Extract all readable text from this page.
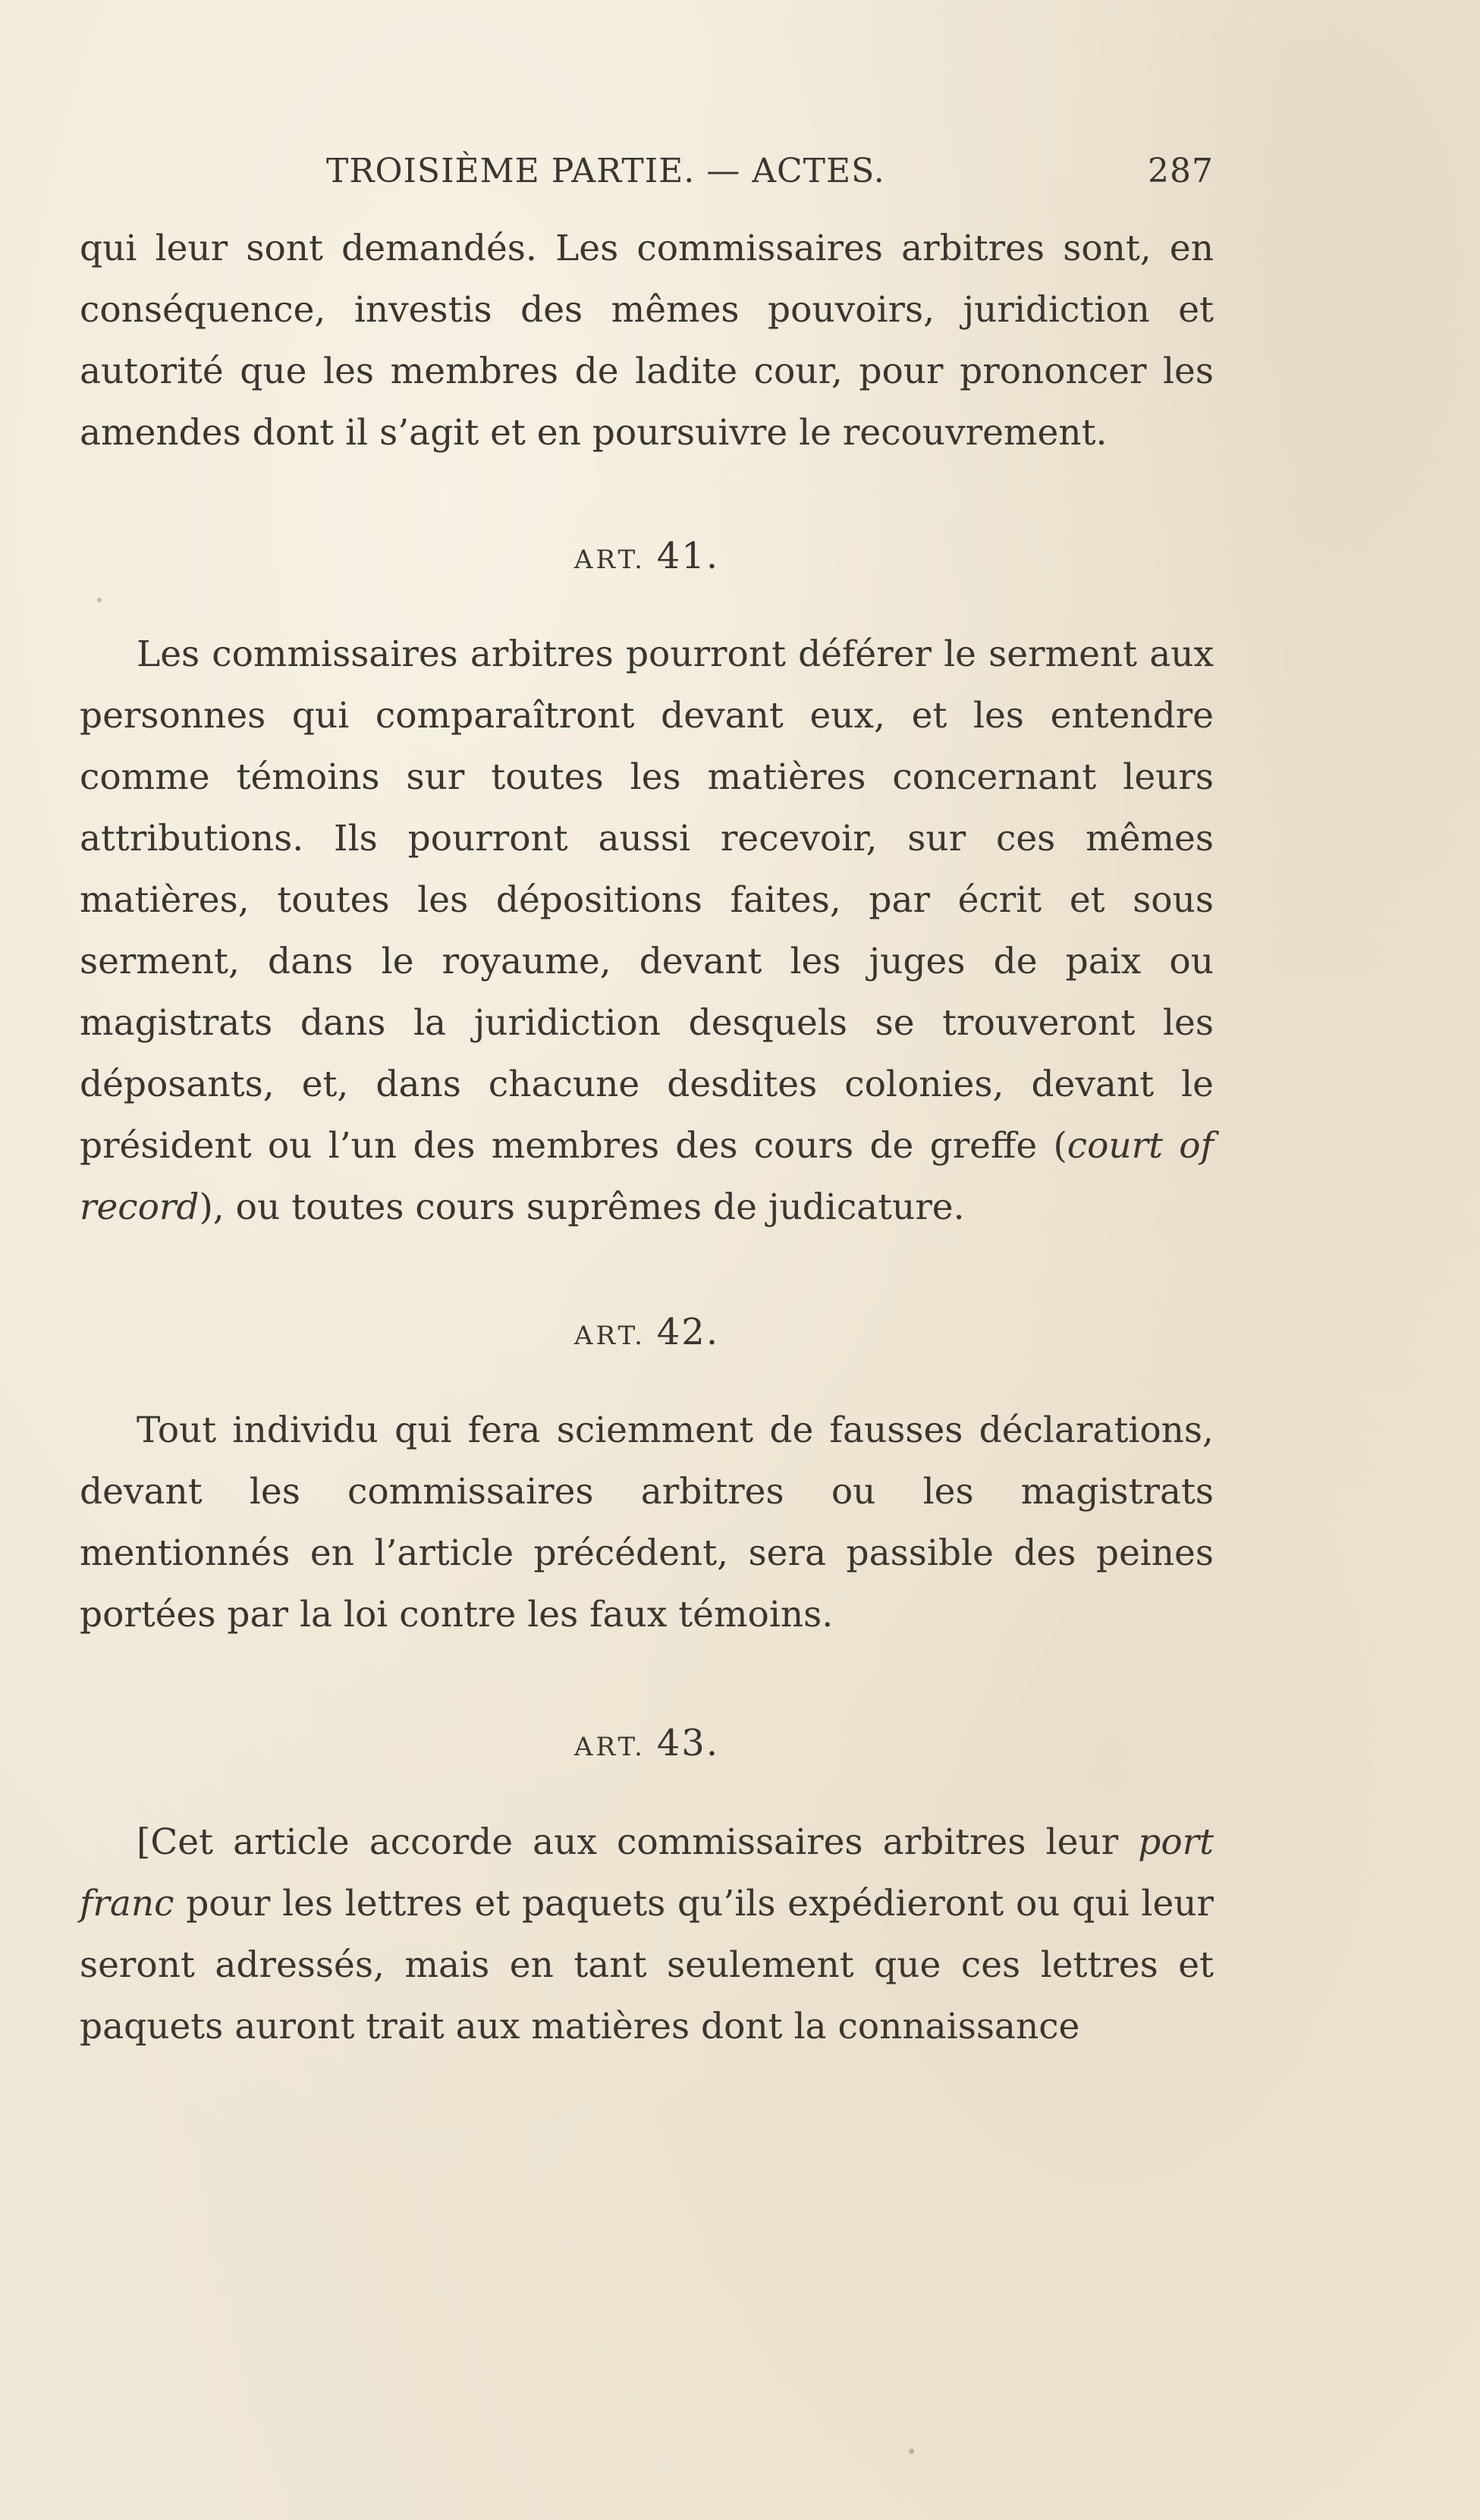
TROISIÈME PARTIE. — ACTES.	287

qui leur sont demandés. Les commissaires arbitres sont, en conséquence, investis des mêmes pouvoirs, juridiction et autorité que les membres de ladite cour, pour prononcer les amendes dont il s’agit et en poursuivre le recouvrement.

ART. 41.

Les commissaires arbitres pourront déférer le serment aux personnes qui comparaîtront devant eux, et les entendre comme témoins sur toutes les matières concernant leurs attributions. Ils pourront aussi recevoir, sur ces mêmes matières, toutes les dépositions faites, par écrit et sous serment, dans le royaume, devant les juges de paix ou magistrats dans la juridiction desquels se trouveront les déposants, et, dans chacune desdites colonies, devant le président ou l’un des membres des cours de greffe (court of record), ou toutes cours suprêmes de judicature.

ART. 42.

Tout individu qui fera sciemment de fausses déclarations, devant les commissaires arbitres ou les magistrats mentionnés en l’article précédent, sera passible des peines portées par la loi contre les faux témoins.

ART. 43.

[Cet article accorde aux commissaires arbitres leur port franc pour les lettres et paquets qu’ils expédieront ou qui leur seront adressés, mais en tant seulement que ces lettres et paquets auront trait aux matières dont la connaissance
